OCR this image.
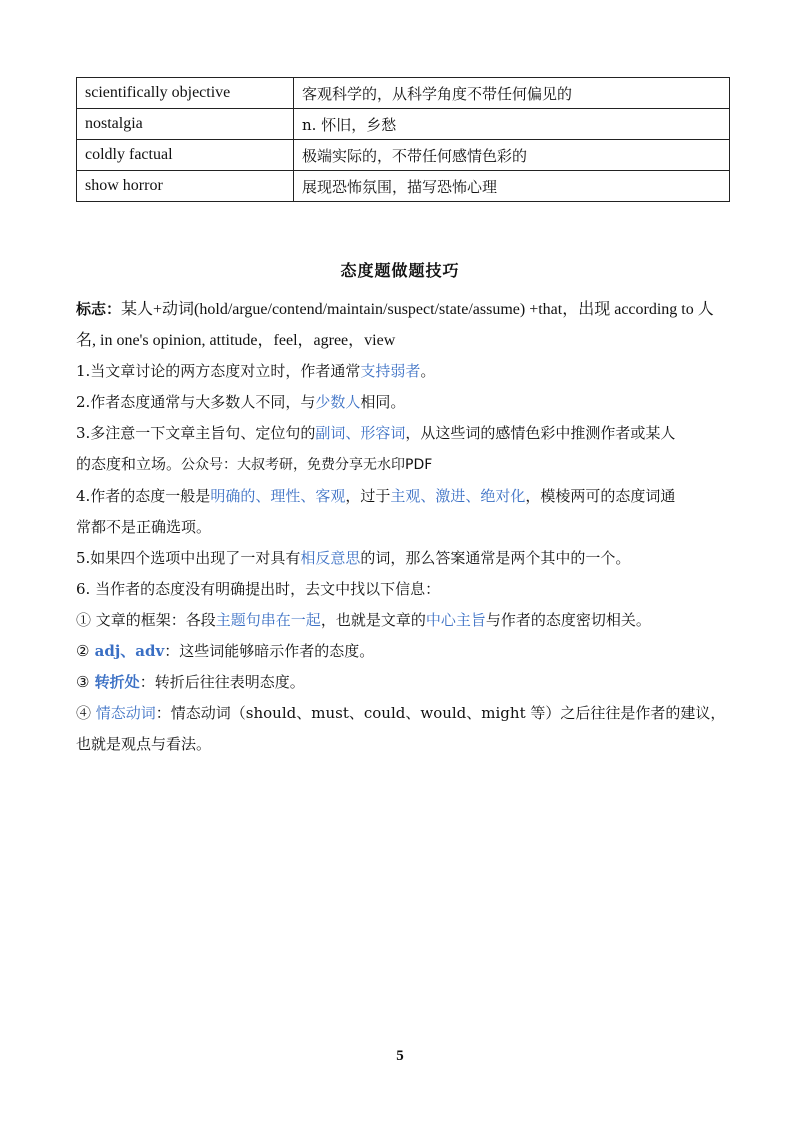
scientifically objective	客观科学的，从科学角度不带任何偏见的
nostalgia	n. 怀旧，乡愁
coldly factual	极端实际的，不带任何感情色彩的
show horror	展现恐怖氛围，描写恐怖心理
态度题做题技巧

标志：某人+动词(hold/argue/contend/maintain/suspect/state/assume) +that，出现 according to 人

名, in one's opinion, attitude，feel，agree，view

1.当文章讨论的两方态度对立时，作者通常支持弱者。

2.作者态度通常与大多数人不同，与少数人相同。

3.多注意一下文章主旨句、定位句的副词、形容词，从这些词的感情色彩中推测作者或某人

的态度和立场。公众号：大叔考研，免费分享无水印PDF

4.作者的态度一般是明确的、理性、客观，过于主观、激进、绝对化，模棱两可的态度词通

常都不是正确选项。

5.如果四个选项中出现了一对具有相反意思的词，那么答案通常是两个其中的一个。

6. 当作者的态度没有明确提出时，去文中找以下信息：

① 文章的框架：各段主题句串在一起，也就是文章的中心主旨与作者的态度密切相关。

② adj、adv：这些词能够暗示作者的态度。

③ 转折处：转折后往往表明态度。

④ 情态动词：情态动词（should、must、could、would、might 等）之后往往是作者的建议，

也就是观点与看法。

5
